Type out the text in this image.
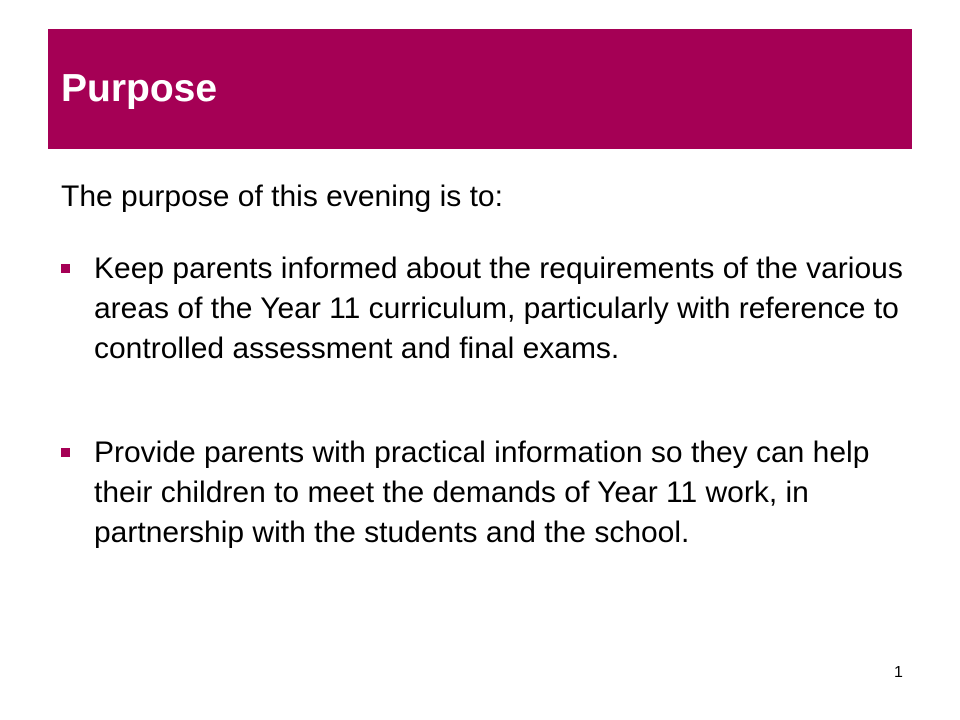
Purpose
The purpose of this evening is to:
Keep parents informed about the requirements of the various areas of the Year 11 curriculum, particularly with reference to controlled assessment and final exams.
Provide parents with practical information so they can help their children to meet the demands of Year 11 work, in partnership with the students and the school.
1
